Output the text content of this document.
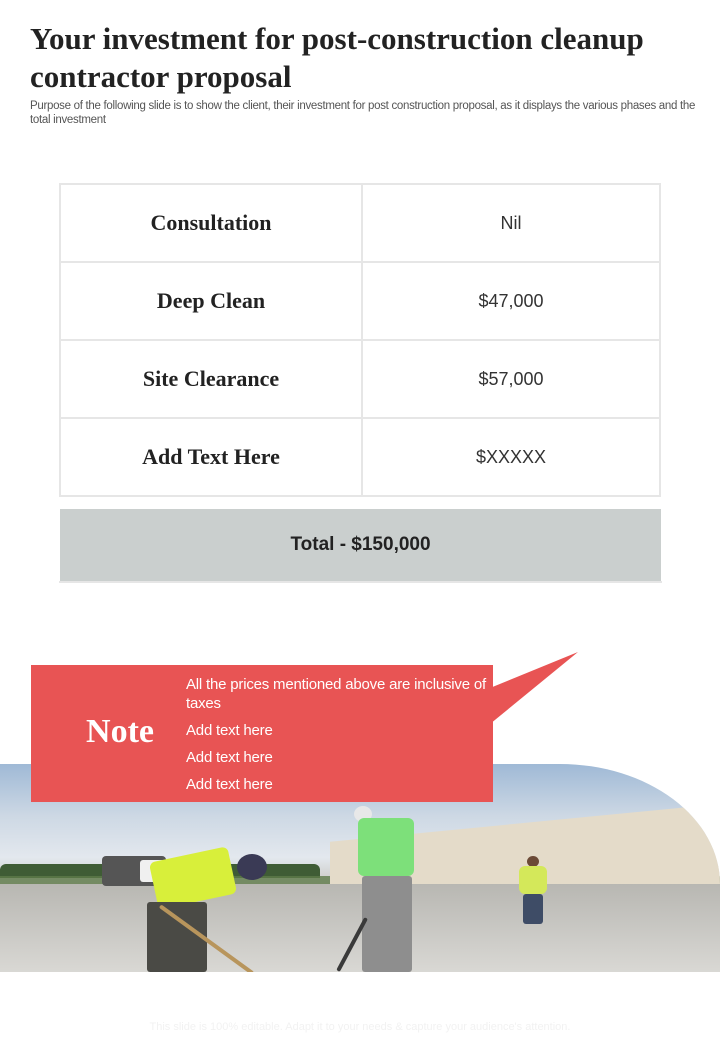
Your investment for post-construction cleanup contractor proposal

Purpose of the following slide is to show the client, their investment for post construction proposal, as it displays the various phases and the total investment

Consultation	Nil
Deep Clean	$47,000
Site Clearance	$57,000
Add Text Here	$XXXXX
Total - $150,000
Note

All the prices mentioned above are inclusive of taxes

Add text here

Add text here

Add text here

This slide is 100% editable. Adapt it to your needs & capture your audience's attention.
